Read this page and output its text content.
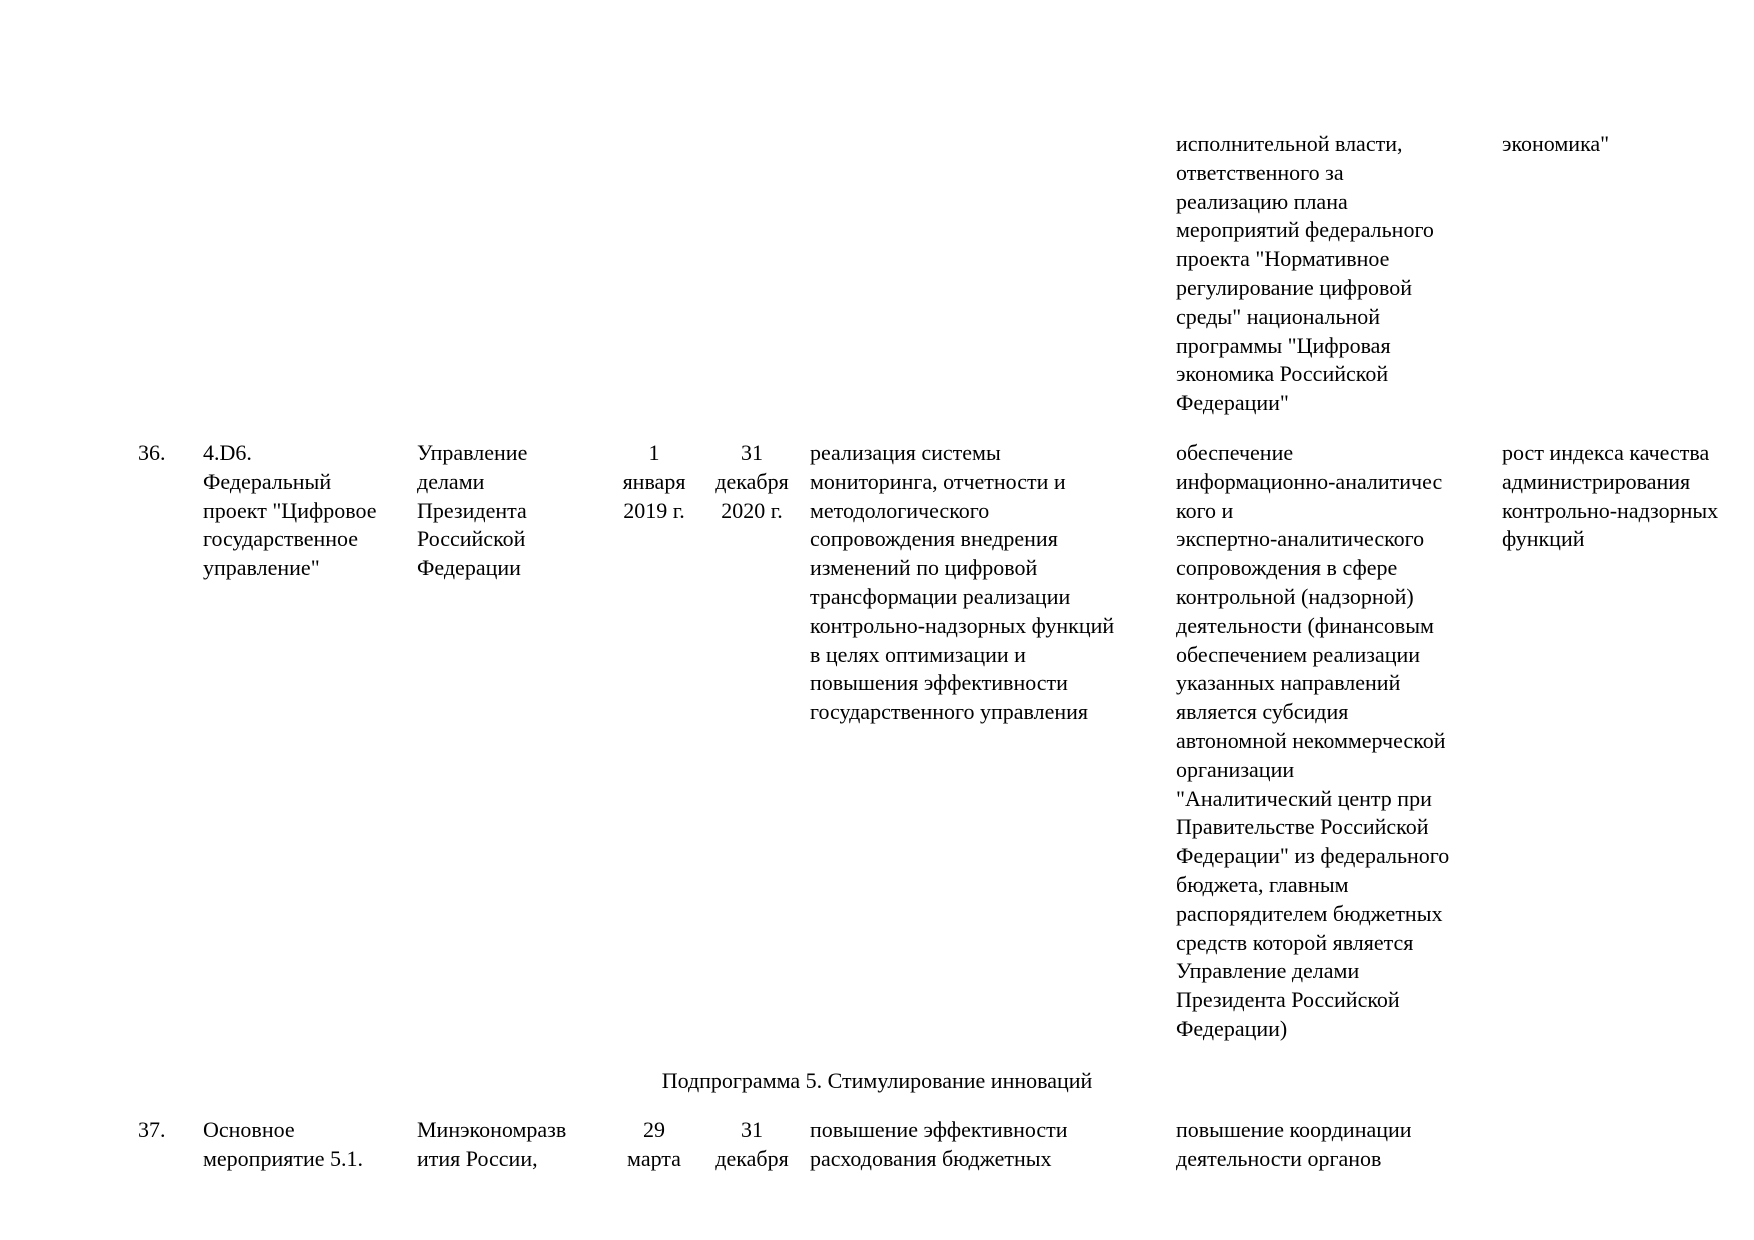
исполнительной власти,
ответственного за
реализацию плана
мероприятий федерального
проекта "Нормативное
регулирование цифровой
среды" национальной
программы "Цифровая
экономика Российской
Федерации"
экономика"
36.	4.D6.
Федеральный
проект "Цифровое
государственное
управление"
Управление
делами
Президента
Российской
Федерации
1
января
2019 г.
31
декабря
2020 г.
реализация системы
мониторинга, отчетности и
методологического
сопровождения внедрения
изменений по цифровой
трансформации реализации
контрольно-надзорных функций
в целях оптимизации и
повышения эффективности
государственного управления
обеспечение
информационно-аналитичес
кого и
экспертно-аналитического
сопровождения в сфере
контрольной (надзорной)
деятельности (финансовым
обеспечением реализации
указанных направлений
является субсидия
автономной некоммерческой
организации
"Аналитический центр при
Правительстве Российской
Федерации" из федерального
бюджета, главным
распорядителем бюджетных
средств которой является
Управление делами
Президента Российской
Федерации)
рост индекса качества
администрирования
контрольно-надзорных
функций
Подпрограмма 5. Стимулирование инноваций
37.	Основное
мероприятие 5.1.
Минэкономразв
ития России,
29
марта
31
декабря
повышение эффективности
расходования бюджетных
повышение координации
деятельности органов
